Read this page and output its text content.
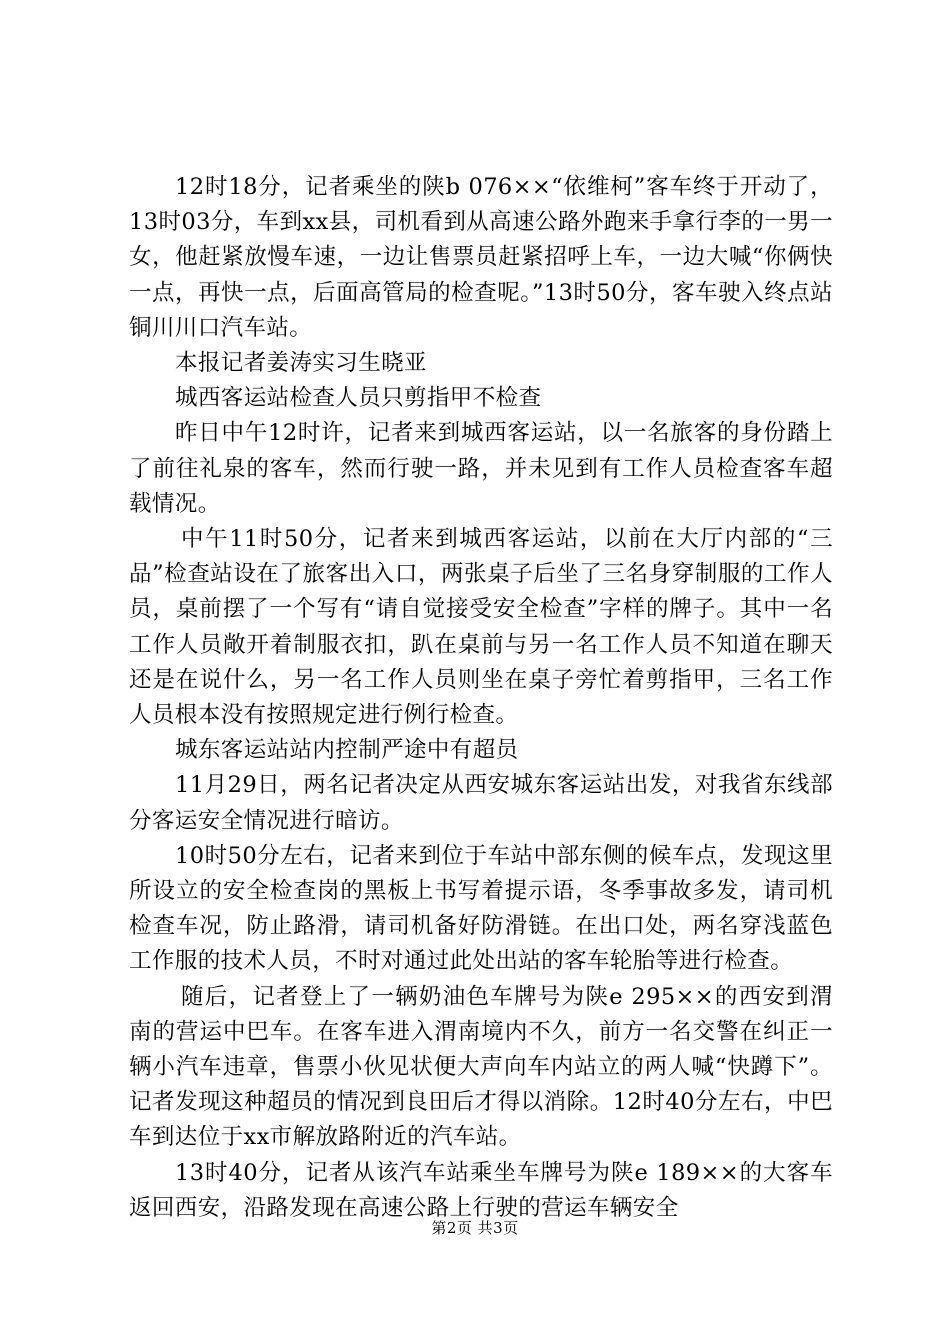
12时18分，记者乘坐的陕b 076××“依维柯”客车终于开动了，13时03分，车到xx县，司机看到从高速公路外跑来手拿行李的一男一女，他赶紧放慢车速，一边让售票员赶紧招呼上车，一边大喊“你俩快一点，再快一点，后面高管局的检查呢。”13时50分，客车驶入终点站铜川川口汽车站。

本报记者姜涛实习生晓亚

城西客运站检查人员只剪指甲不检查

昨日中午12时许，记者来到城西客运站，以一名旅客的身份踏上了前往礼泉的客车，然而行驶一路，并未见到有工作人员检查客车超载情况。

中午11时50分，记者来到城西客运站，以前在大厅内部的“三品”检查站设在了旅客出入口，两张桌子后坐了三名身穿制服的工作人员，桌前摆了一个写有“请自觉接受安全检查”字样的牌子。其中一名工作人员敞开着制服衣扣，趴在桌前与另一名工作人员不知道在聊天还是在说什么，另一名工作人员则坐在桌子旁忙着剪指甲，三名工作人员根本没有按照规定进行例行检查。

城东客运站站内控制严途中有超员

11月29日，两名记者决定从西安城东客运站出发，对我省东线部分客运安全情况进行暗访。

10时50分左右，记者来到位于车站中部东侧的候车点，发现这里所设立的安全检查岗的黑板上书写着提示语，冬季事故多发，请司机检查车况，防止路滑，请司机备好防滑链。在出口处，两名穿浅蓝色工作服的技术人员，不时对通过此处出站的客车轮胎等进行检查。

随后，记者登上了一辆奶油色车牌号为陕e 295××的西安到渭南的营运中巴车。在客车进入渭南境内不久，前方一名交警在纠正一辆小汽车违章，售票小伙见状便大声向车内站立的两人喊“快蹲下”。记者发现这种超员的情况到良田后才得以消除。12时40分左右，中巴车到达位于xx市解放路附近的汽车站。

13时40分，记者从该汽车站乘坐车牌号为陕e 189××的大客车返回西安，沿路发现在高速公路上行驶的营运车辆安全

第2页 共3页
